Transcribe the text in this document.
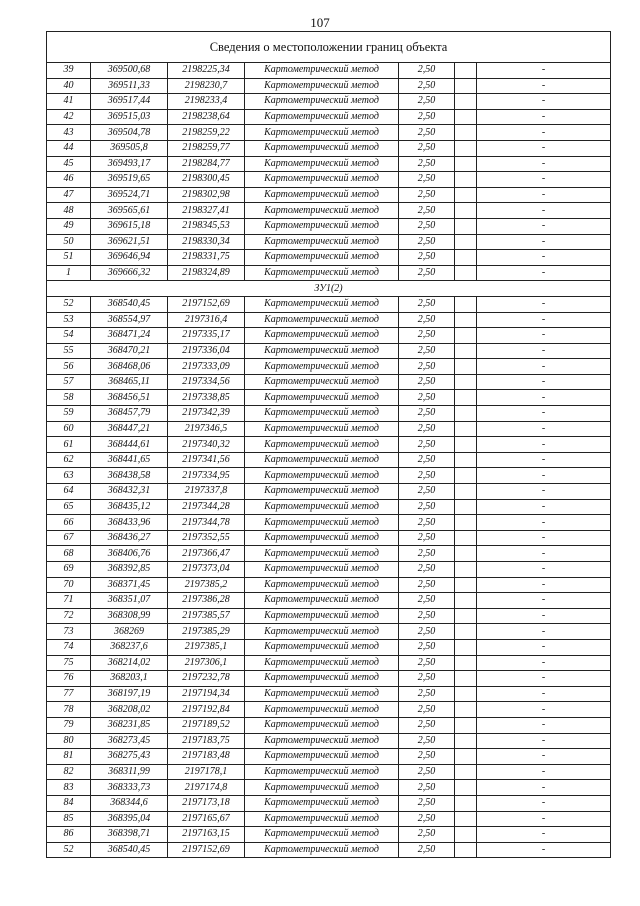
107
Сведения о местоположении границ объекта						
39	369500,68	2198225,34	Картометрический метод	2,50		-
40	369511,33	2198230,7	Картометрический метод	2,50		-
41	369517,44	2198233,4	Картометрический метод	2,50		-
42	369515,03	2198238,64	Картометрический метод	2,50		-
43	369504,78	2198259,22	Картометрический метод	2,50		-
44	369505,8	2198259,77	Картометрический метод	2,50		-
45	369493,17	2198284,77	Картометрический метод	2,50		-
46	369519,65	2198300,45	Картометрический метод	2,50		-
47	369524,71	2198302,98	Картометрический метод	2,50		-
48	369565,61	2198327,41	Картометрический метод	2,50		-
49	369615,18	2198345,53	Картометрический метод	2,50		-
50	369621,51	2198330,34	Картометрический метод	2,50		-
51	369646,94	2198331,75	Картометрический метод	2,50		-
1	369666,32	2198324,89	Картометрический метод	2,50		-
ЗУ1(2)						
52	368540,45	2197152,69	Картометрический метод	2,50		-
53	368554,97	2197316,4	Картометрический метод	2,50		-
54	368471,24	2197335,17	Картометрический метод	2,50		-
55	368470,21	2197336,04	Картометрический метод	2,50		-
56	368468,06	2197333,09	Картометрический метод	2,50		-
57	368465,11	2197334,56	Картометрический метод	2,50		-
58	368456,51	2197338,85	Картометрический метод	2,50		-
59	368457,79	2197342,39	Картометрический метод	2,50		-
60	368447,21	2197346,5	Картометрический метод	2,50		-
61	368444,61	2197340,32	Картометрический метод	2,50		-
62	368441,65	2197341,56	Картометрический метод	2,50		-
63	368438,58	2197334,95	Картометрический метод	2,50		-
64	368432,31	2197337,8	Картометрический метод	2,50		-
65	368435,12	2197344,28	Картометрический метод	2,50		-
66	368433,96	2197344,78	Картометрический метод	2,50		-
67	368436,27	2197352,55	Картометрический метод	2,50		-
68	368406,76	2197366,47	Картометрический метод	2,50		-
69	368392,85	2197373,04	Картометрический метод	2,50		-
70	368371,45	2197385,2	Картометрический метод	2,50		-
71	368351,07	2197386,28	Картометрический метод	2,50		-
72	368308,99	2197385,57	Картометрический метод	2,50		-
73	368269	2197385,29	Картометрический метод	2,50		-
74	368237,6	2197385,1	Картометрический метод	2,50		-
75	368214,02	2197306,1	Картометрический метод	2,50		-
76	368203,1	2197232,78	Картометрический метод	2,50		-
77	368197,19	2197194,34	Картометрический метод	2,50		-
78	368208,02	2197192,84	Картометрический метод	2,50		-
79	368231,85	2197189,52	Картометрический метод	2,50		-
80	368273,45	2197183,75	Картометрический метод	2,50		-
81	368275,43	2197183,48	Картометрический метод	2,50		-
82	368311,99	2197178,1	Картометрический метод	2,50		-
83	368333,73	2197174,8	Картометрический метод	2,50		-
84	368344,6	2197173,18	Картометрический метод	2,50		-
85	368395,04	2197165,67	Картометрический метод	2,50		-
86	368398,71	2197163,15	Картометрический метод	2,50		-
52	368540,45	2197152,69	Картометрический метод	2,50		-
